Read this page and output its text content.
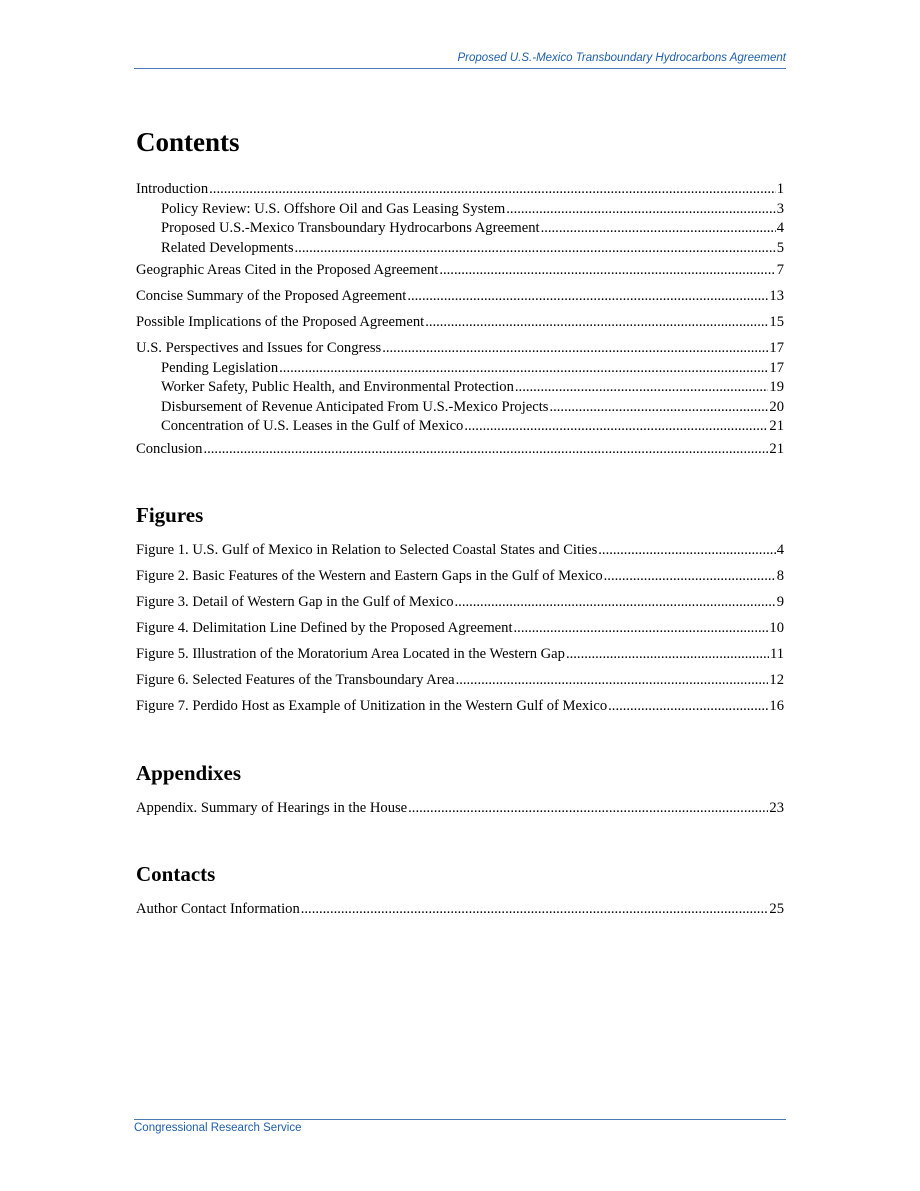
Proposed U.S.-Mexico Transboundary Hydrocarbons Agreement
Contents
Introduction .....	1
Policy Review: U.S. Offshore Oil and Gas Leasing System .....	3
Proposed U.S.-Mexico Transboundary Hydrocarbons Agreement .....	4
Related Developments .....	5
Geographic Areas Cited in the Proposed Agreement .....	7
Concise Summary of the Proposed Agreement .....	13
Possible Implications of the Proposed Agreement .....	15
U.S. Perspectives and Issues for Congress .....	17
Pending Legislation .....	17
Worker Safety, Public Health, and Environmental Protection .....	19
Disbursement of Revenue Anticipated From U.S.-Mexico Projects .....	20
Concentration of U.S. Leases in the Gulf of Mexico .....	21
Conclusion .....	21
Figures
Figure 1. U.S. Gulf of Mexico in Relation to Selected Coastal States and Cities .....	4
Figure 2. Basic Features of the Western and Eastern Gaps in the Gulf of Mexico .....	8
Figure 3. Detail of Western Gap in the Gulf of Mexico .....	9
Figure 4. Delimitation Line Defined by the Proposed Agreement .....	10
Figure 5. Illustration of the Moratorium Area Located in the Western Gap .....	11
Figure 6. Selected Features of the Transboundary Area .....	12
Figure 7. Perdido Host as Example of Unitization in the Western Gulf of Mexico .....	16
Appendixes
Appendix. Summary of Hearings in the House .....	23
Contacts
Author Contact Information .....	25
Congressional Research Service
